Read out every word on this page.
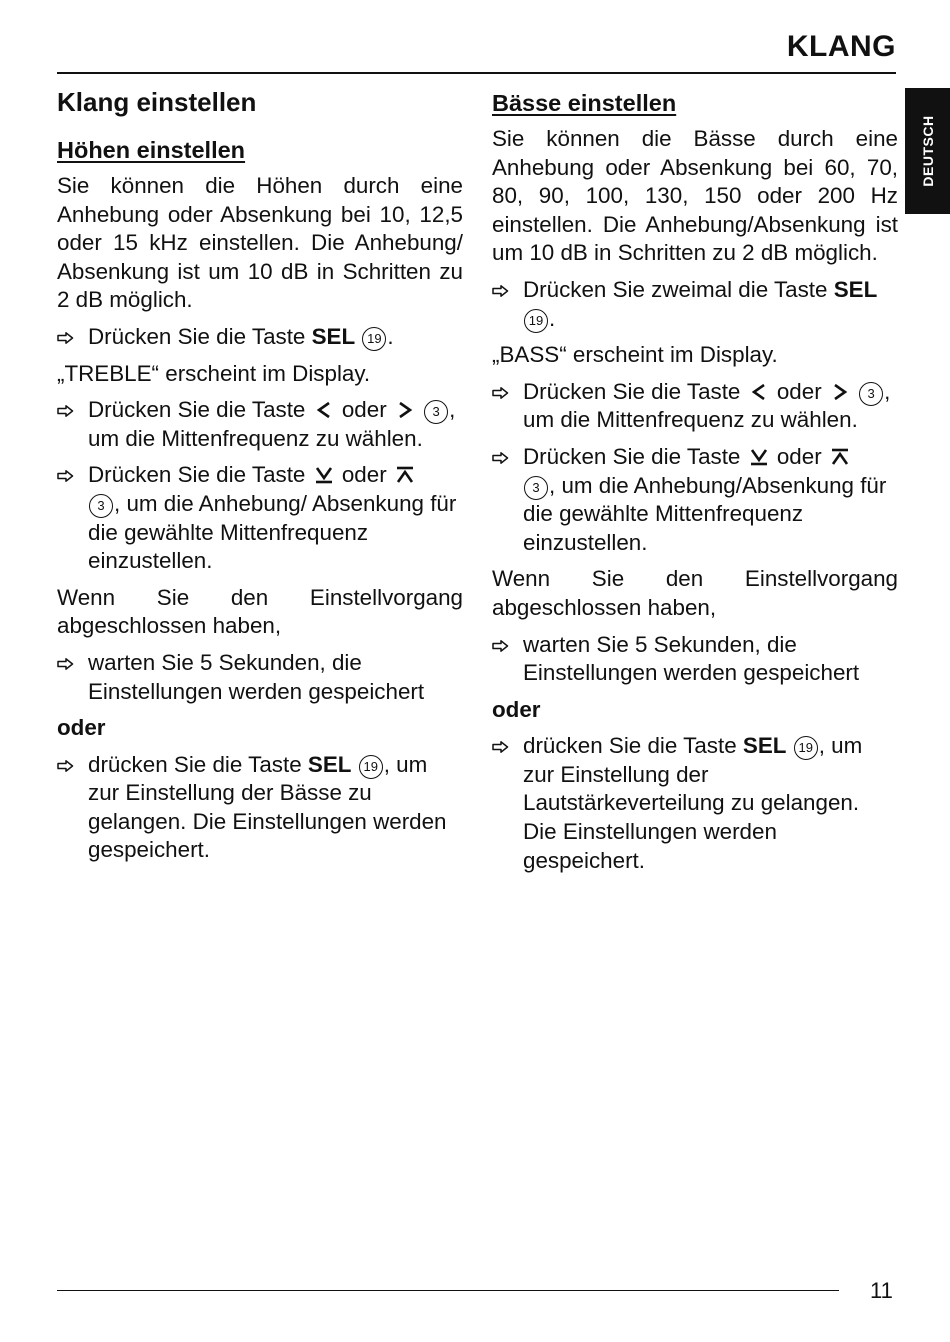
KLANG
DEUTSCH
Klang einstellen
Höhen einstellen

Sie können die Höhen durch eine Anhebung oder Absenkung bei 10, 12,5 oder 15 kHz einstellen. Die Anhebung/ Absenkung ist um 10 dB in Schritten zu 2 dB möglich.

Drücken Sie die Taste SEL 19 .

„TREBLE“ erscheint im Display.

Drücken Sie die Taste oder	3 , um die Mittenfrequenz zu wählen.
Drücken Sie die Taste oder
3 , um die Anhebung/ Absenkung für die gewählte Mittenfrequenz einzustellen.

Wenn Sie den Einstellvorgang abgeschlossen haben,

warten Sie 5 Sekunden, die Einstellungen werden gespeichert
oder
drücken Sie die Taste SEL 19 , um zur Einstellung der Bässe zu gelangen. Die Einstellungen werden gespeichert.
Bässe einstellen

Sie können die Bässe durch eine Anhebung oder Absenkung bei 60, 70, 80, 90, 100, 130, 150 oder 200 Hz einstellen. Die Anhebung/Absenkung ist um 10 dB in Schritten zu 2 dB möglich.

Drücken Sie zweimal die Taste SEL 19 .

„BASS“ erscheint im Display.

Drücken Sie die Taste oder	3 , um die Mittenfrequenz zu wählen.
Drücken Sie die Taste oder
3 , um die Anhebung/Absenkung für die gewählte Mittenfrequenz einzustellen.

Wenn Sie den Einstellvorgang abgeschlossen haben,

warten Sie 5 Sekunden, die Einstellungen werden gespeichert
oder
drücken Sie die Taste SEL 19 , um zur Einstellung der Lautstärkeverteilung zu gelangen. Die Einstellungen werden gespeichert.
11
